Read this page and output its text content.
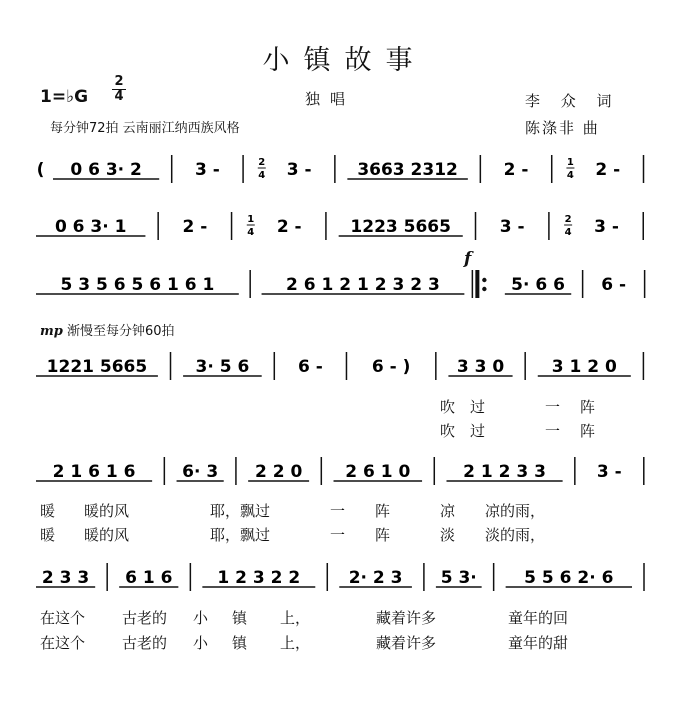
小镇故事
独唱	李 众 词
陈涤非 曲
1=♭G
2
4
每分钟72拍 云南丽江纳西族风格
( 0 6 3· 2	3 -	2
4 3 -	3663 2312	2 -	1
4 2 -
0 6 3· 1	2 -	1
4 2 -	1223 5665	3 -	2
4 3 -
5 3 5 6 5 6 1 6 1	2 6 1 2 1 2 3 2 3	5· 6 6 6 -
f
mp 渐慢至每分钟60拍
1221 5665	3· 5 6	6 -	6 - )	3 3 0	3 1 2 0
吹 过	一 阵
吹 过	一 阵
2 1 6 1 6	6· 3 2 2 0	2 6 1 0	2 1 2 3 3	3 -
暖 暖的风	耶，飘过	一 阵	凉 凉的雨，
暖 暖的风	耶，飘过	一 阵	淡 淡的雨，
2 3 3 6 1 6	1 2 3 2 2	2· 2 3 5 3·	5 5 6 2· 6
在这个 古老的 小 镇 上，	藏着许多	童年的回
在这个 古老的 小 镇 上，	藏着许多	童年的甜
